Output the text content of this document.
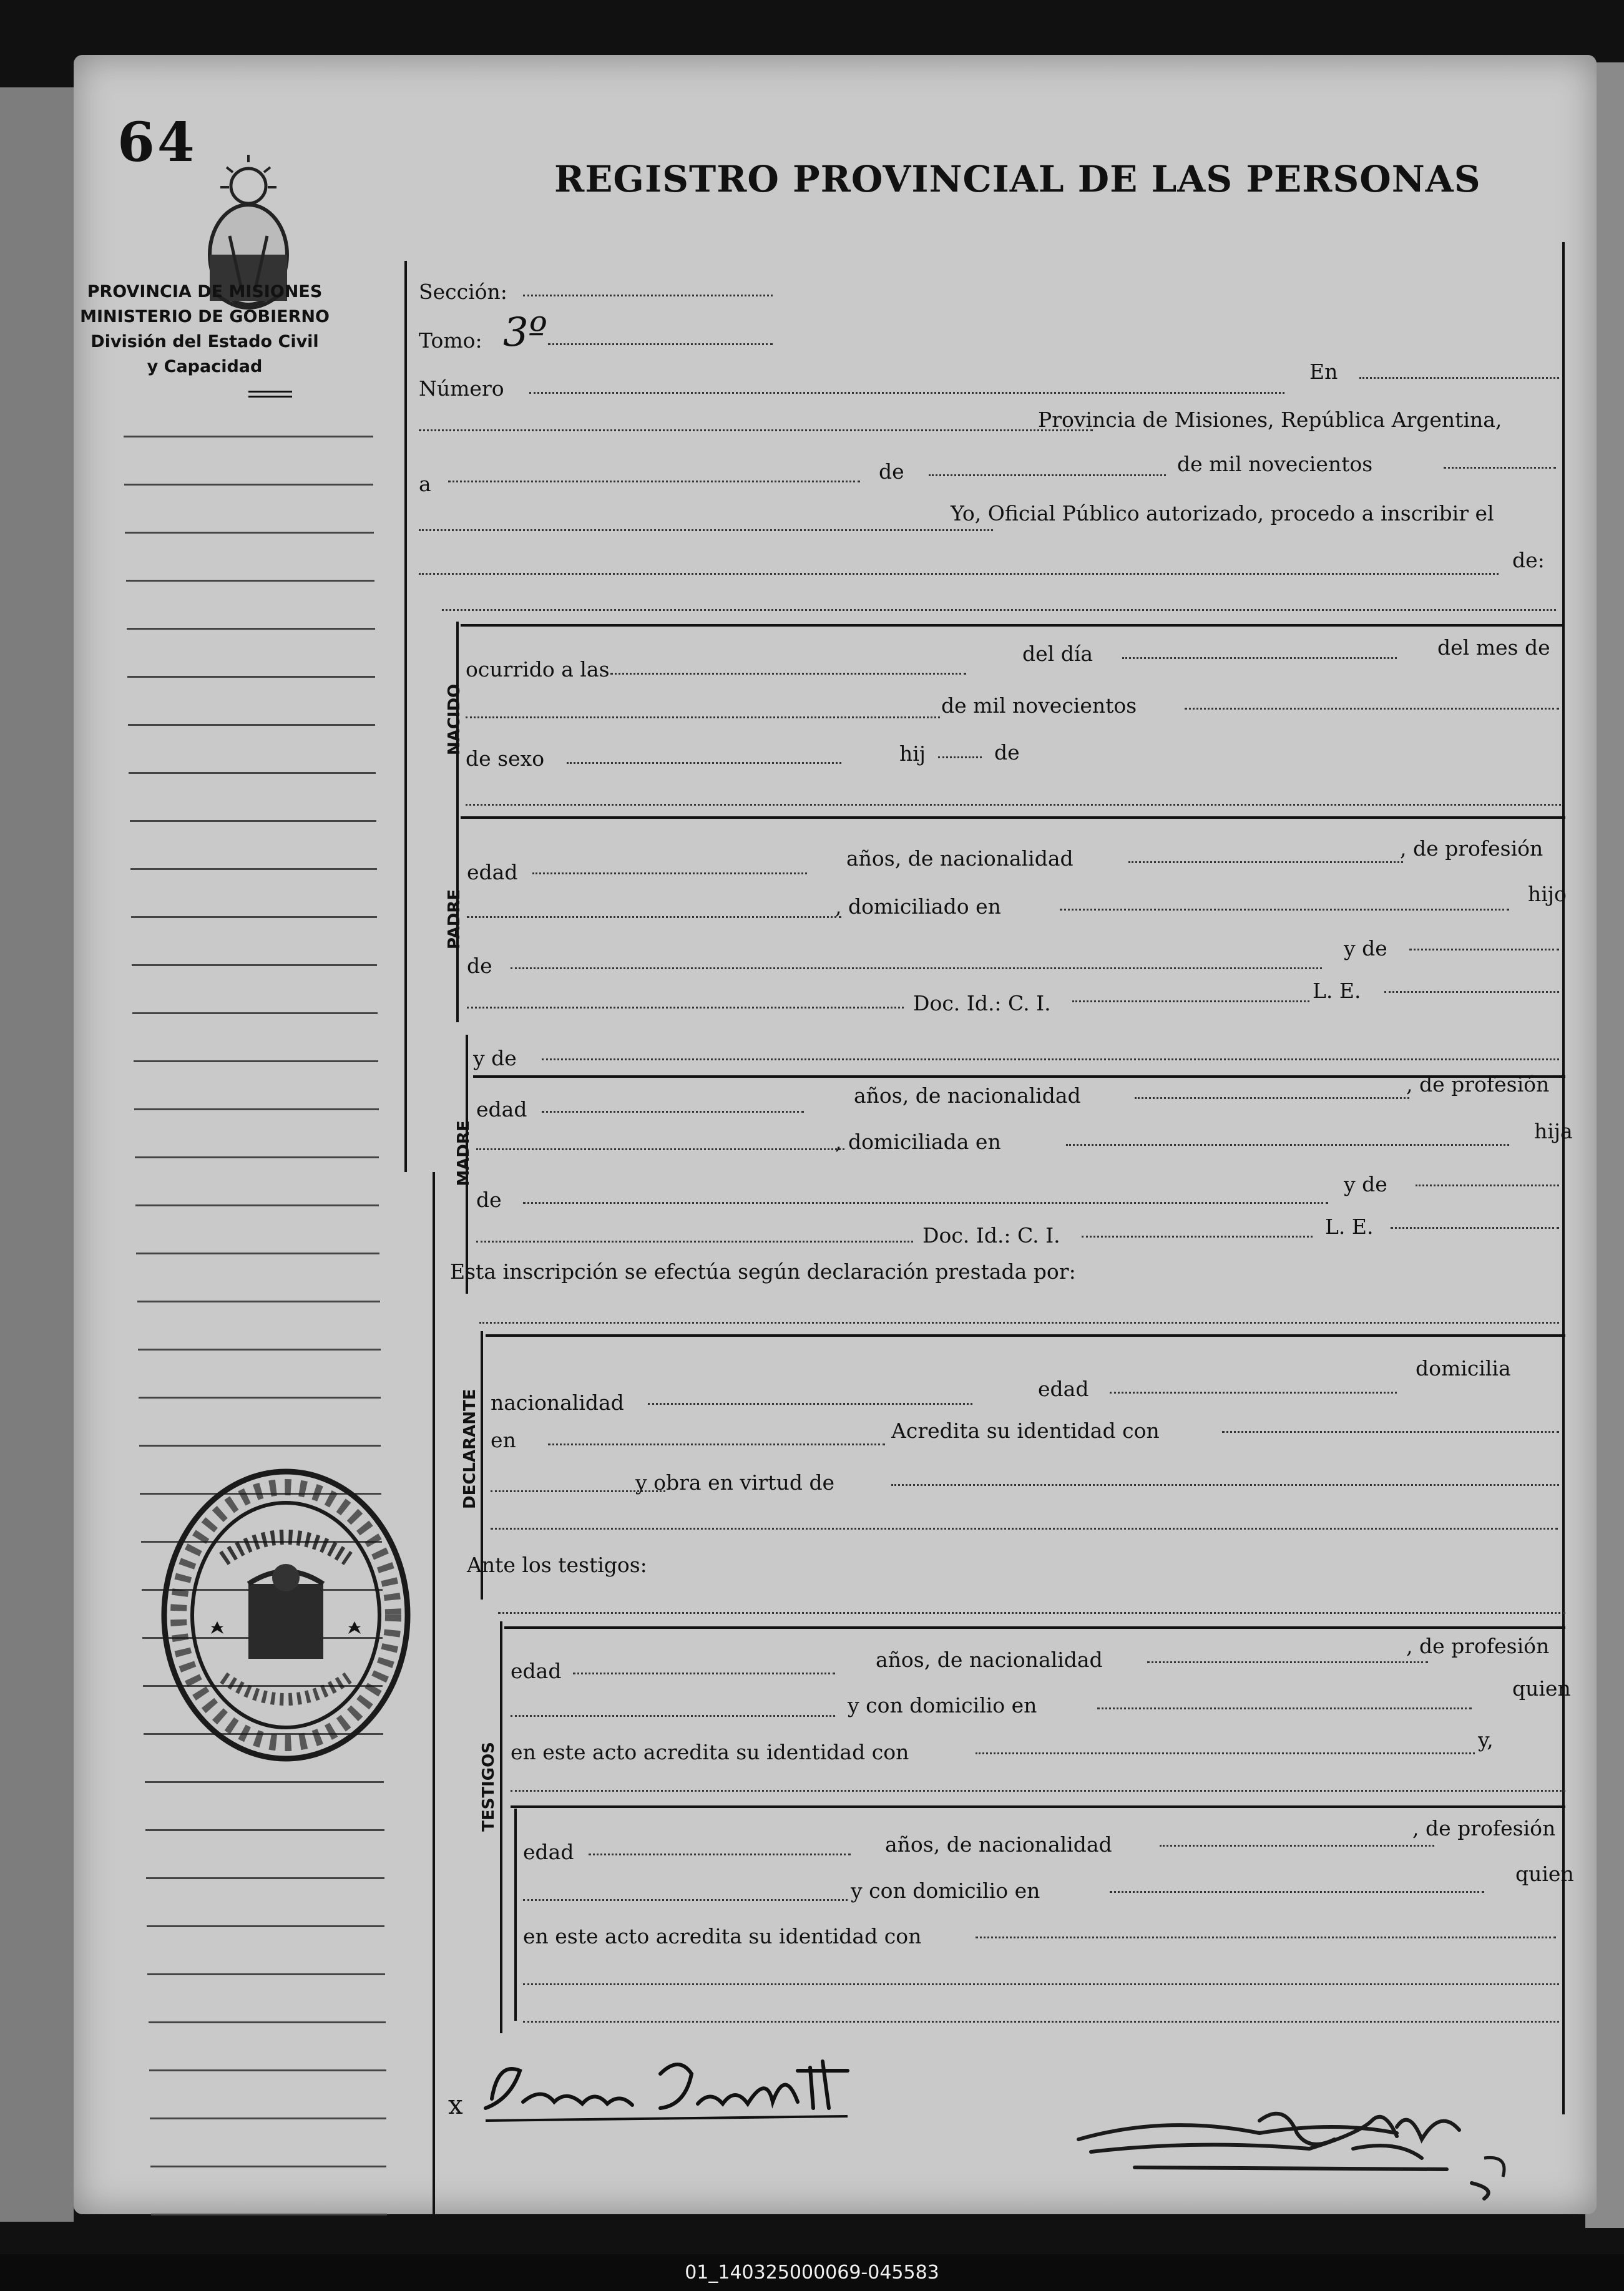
64
PROVINCIA DE MISIONES
MINISTERIO DE GOBIERNO
División del Estado Civil
y Capacidad
REGISTRO PROVINCIAL DE LAS PERSONAS
Sección:
Tomo: 3º
Número
En
Provincia de Misiones, República Argentina,
a
de	de mil novecientos
Yo, Oficial Público autorizado, procedo a inscribir el
de:
NACIDO
ocurrido a las
del día	del mes de
de mil novecientos
de sexo	hij	de
PADRE
edad
años, de nacionalidad	, de profesión
, domiciliado en
hijo
de
y de
Doc. Id.: C. I.
L. E.
y de
MADRE
edad
años, de nacionalidad	, de profesión
, domiciliada en	hija
de
y de
Doc. Id.: C. I.	L. E.
Esta inscripción se efectúa según declaración prestada por:
DECLARANTE nacionalidad
edad
domicilia
en	Acredita su identidad con
y obra en virtud de
Ante los testigos:
TESTIGOS
edad	años, de nacionalidad
, de profesión
y con domicilio en
quien
en este acto acredita su identidad con
y,
edad	años, de nacionalidad
, de profesión
y con domicilio en
quien
en este acto acredita su identidad con
x
01_140325000069-045583
